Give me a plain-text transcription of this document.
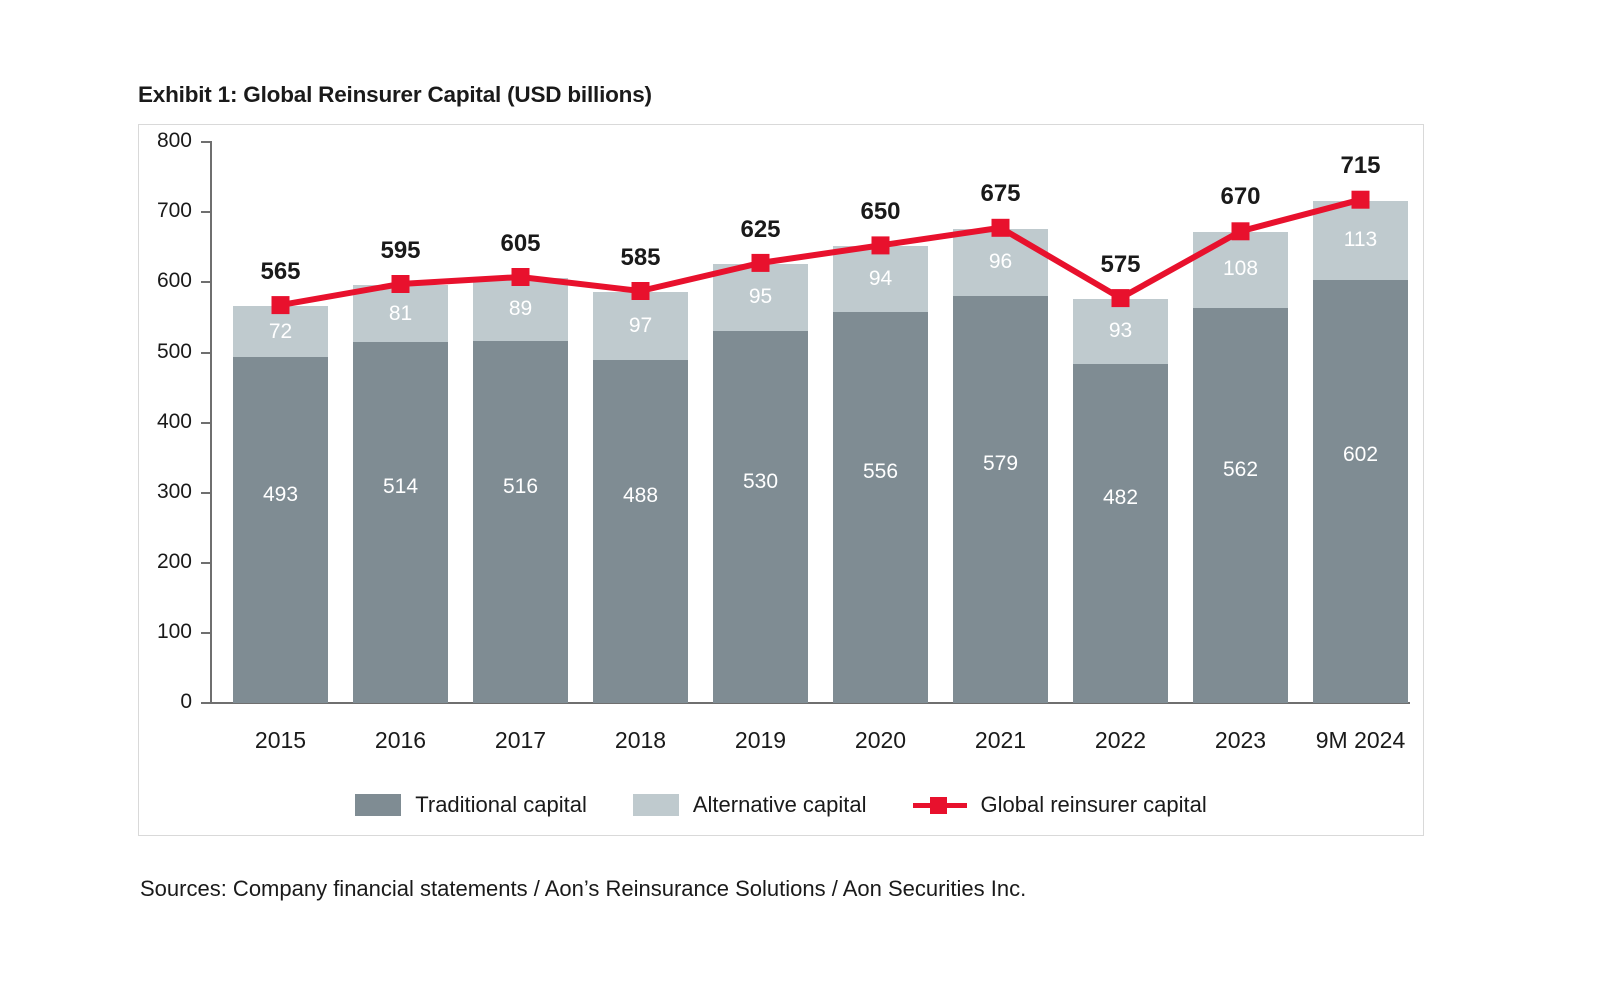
Exhibit 1: Global Reinsurer Capital (USD billions)
800
700
600
500
400
300
200
100
0
72
493
565
81
514
595
89
516
605
97
488
585
95
530
625
94
556
650
96
579
675
93
482
575	108
562
670
113
602
715
2015	2016	2017	2018	2019	2020	2021	2022	2023	9M 2024
Traditional capital	Alternative capital	Global reinsurer capital
Sources: Company financial statements / Aon’s Reinsurance Solutions / Aon Securities Inc.
